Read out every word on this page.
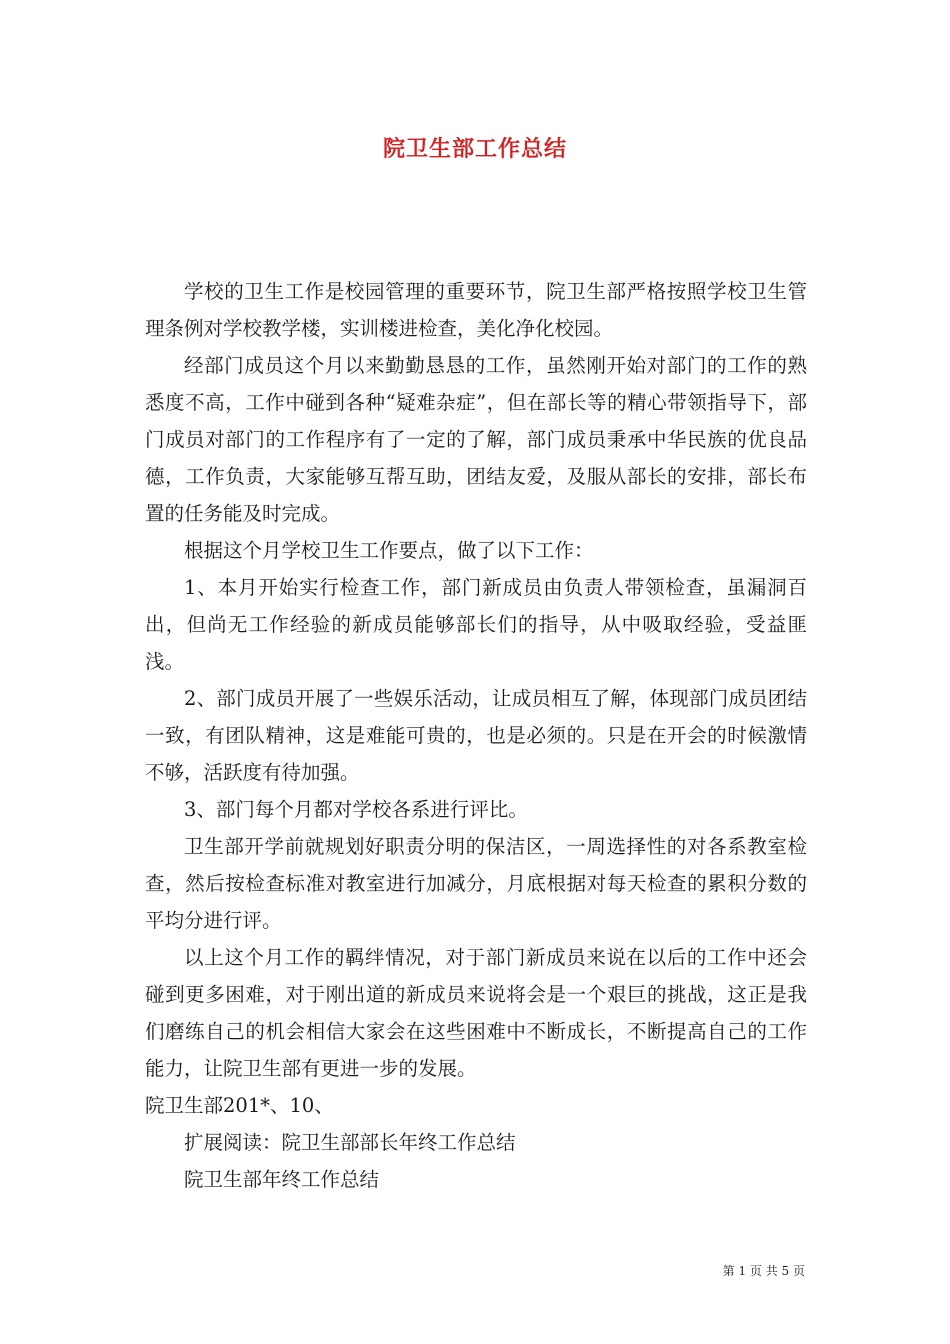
院卫生部工作总结

学校的卫生工作是校园管理的重要环节，院卫生部严格按照学校卫生管理条例对学校教学楼，实训楼进检查，美化净化校园。

经部门成员这个月以来勤勤恳恳的工作，虽然刚开始对部门的工作的熟悉度不高，工作中碰到各种“疑难杂症”，但在部长等的精心带领指导下，部门成员对部门的工作程序有了一定的了解，部门成员秉承中华民族的优良品德，工作负责，大家能够互帮互助，团结友爱，及服从部长的安排，部长布置的任务能及时完成。

根据这个月学校卫生工作要点，做了以下工作：

1、本月开始实行检查工作，部门新成员由负责人带领检查，虽漏洞百出，但尚无工作经验的新成员能够部长们的指导，从中吸取经验，受益匪浅。

2、部门成员开展了一些娱乐活动，让成员相互了解，体现部门成员团结一致，有团队精神，这是难能可贵的，也是必须的。只是在开会的时候激情不够，活跃度有待加强。

3、部门每个月都对学校各系进行评比。

卫生部开学前就规划好职责分明的保洁区，一周选择性的对各系教室检查，然后按检查标准对教室进行加减分，月底根据对每天检查的累积分数的平均分进行评。

以上这个月工作的羁绊情况，对于部门新成员来说在以后的工作中还会碰到更多困难，对于刚出道的新成员来说将会是一个艰巨的挑战，这正是我们磨练自己的机会相信大家会在这些困难中不断成长，不断提高自己的工作能力，让院卫生部有更进一步的发展。

院卫生部201*、10、

扩展阅读：院卫生部部长年终工作总结

院卫生部年终工作总结

第 1 页 共 5 页
